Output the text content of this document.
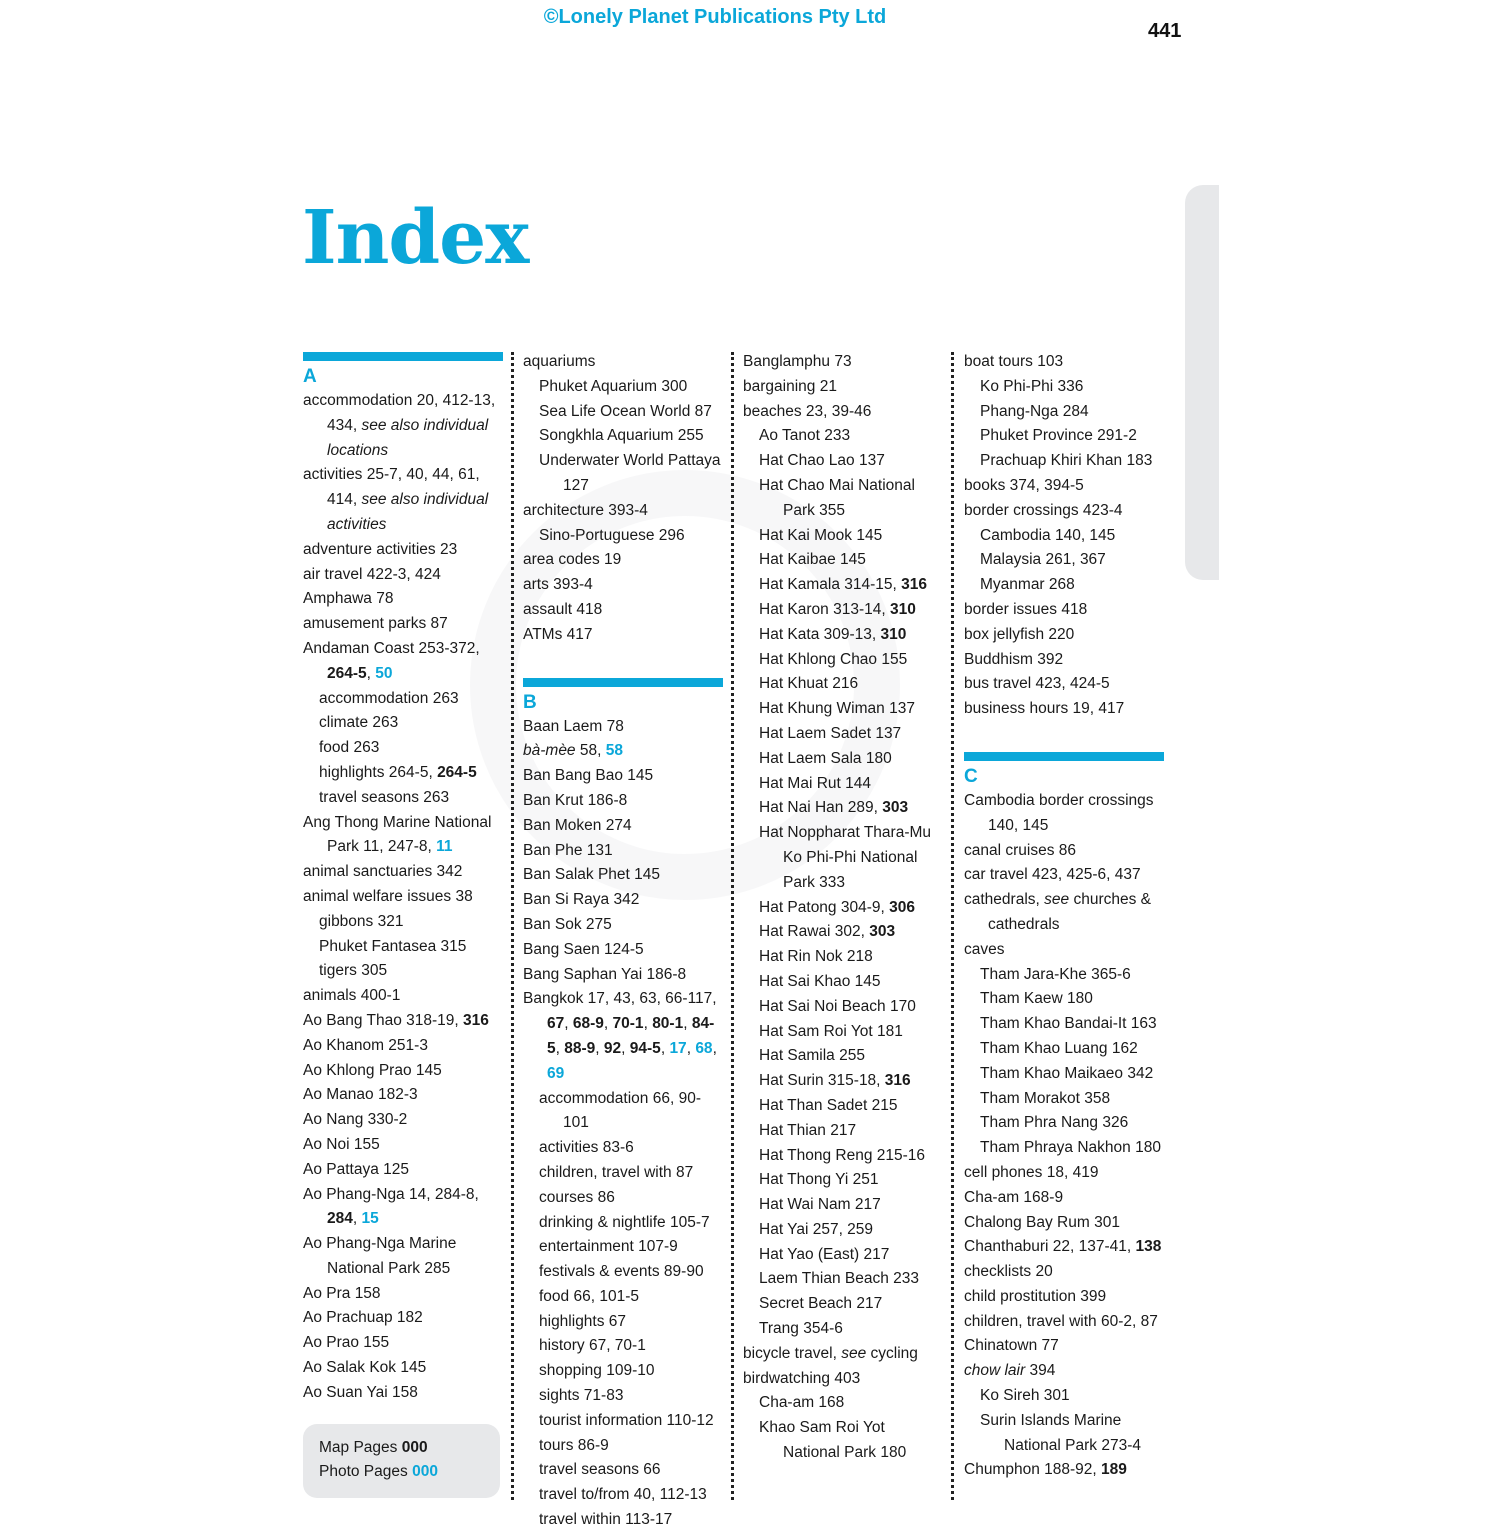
©Lonely Planet Publications Pty Ltd
441
Index
A
accommodation 20, 412-13, 434, see also individual locations
activities 25-7, 40, 44, 61, 414, see also individual activities
adventure activities 23
air travel 422-3, 424
Amphawa 78
amusement parks 87
Andaman Coast 253-372, 264-5, 50
accommodation 263
climate 263
food 263
highlights 264-5, 264-5
travel seasons 263
Ang Thong Marine National Park 11, 247-8, 11
animal sanctuaries 342
animal welfare issues 38
gibbons 321
Phuket Fantasea 315
tigers 305
animals 400-1
Ao Bang Thao 318-19, 316
Ao Khanom 251-3
Ao Khlong Prao 145
Ao Manao 182-3
Ao Nang 330-2
Ao Noi 155
Ao Pattaya 125
Ao Phang-Nga 14, 284-8, 284, 15
Ao Phang-Nga Marine National Park 285
Ao Pra 158
Ao Prachuap 182
Ao Prao 155
Ao Salak Kok 145
Ao Suan Yai 158
aquariums
Phuket Aquarium 300
Sea Life Ocean World 87
Songkhla Aquarium 255
Underwater World Pattaya 127
architecture 393-4
Sino-Portuguese 296
area codes 19
arts 393-4
assault 418
ATMs 417
B
Baan Laem 78
bà-mèe 58, 58
Ban Bang Bao 145
Ban Krut 186-8
Ban Moken 274
Ban Phe 131
Ban Salak Phet 145
Ban Si Raya 342
Ban Sok 275
Bang Saen 124-5
Bang Saphan Yai 186-8
Bangkok 17, 43, 63, 66-117, 67, 68-9, 70-1, 80-1, 84-5, 88-9, 92, 94-5, 17, 68, 69
accommodation 66, 90-101
activities 83-6
children, travel with 87
courses 86
drinking & nightlife 105-7
entertainment 107-9
festivals & events 89-90
food 66, 101-5
highlights 67
history 67, 70-1
shopping 109-10
sights 71-83
tourist information 110-12
tours 86-9
travel seasons 66
travel to/from 40, 112-13
travel within 113-17
Banglamphu 73
bargaining 21
beaches 23, 39-46
Ao Tanot 233
Hat Chao Lao 137
Hat Chao Mai National Park 355
Hat Kai Mook 145
Hat Kaibae 145
Hat Kamala 314-15, 316
Hat Karon 313-14, 310
Hat Kata 309-13, 310
Hat Khlong Chao 155
Hat Khuat 216
Hat Khung Wiman 137
Hat Laem Sadet 137
Hat Laem Sala 180
Hat Mai Rut 144
Hat Nai Han 289, 303
Hat Noppharat Thara-Mu Ko Phi-Phi National Park 333
Hat Patong 304-9, 306
Hat Rawai 302, 303
Hat Rin Nok 218
Hat Sai Khao 145
Hat Sai Noi Beach 170
Hat Sam Roi Yot 181
Hat Samila 255
Hat Surin 315-18, 316
Hat Than Sadet 215
Hat Thian 217
Hat Thong Reng 215-16
Hat Thong Yi 251
Hat Wai Nam 217
Hat Yai 257, 259
Hat Yao (East) 217
Laem Thian Beach 233
Secret Beach 217
Trang 354-6
bicycle travel, see cycling
birdwatching 403
Cha-am 168
Khao Sam Roi Yot National Park 180
boat tours 103
Ko Phi-Phi 336
Phang-Nga 284
Phuket Province 291-2
Prachuap Khiri Khan 183
books 374, 394-5
border crossings 423-4
Cambodia 140, 145
Malaysia 261, 367
Myanmar 268
border issues 418
box jellyfish 220
Buddhism 392
bus travel 423, 424-5
business hours 19, 417
C
Cambodia border crossings 140, 145
canal cruises 86
car travel 423, 425-6, 437
cathedrals, see churches & cathedrals
caves
Tham Jara-Khe 365-6
Tham Kaew 180
Tham Khao Bandai-It 163
Tham Khao Luang 162
Tham Khao Maikaeo 342
Tham Morakot 358
Tham Phra Nang 326
Tham Phraya Nakhon 180
cell phones 18, 419
Cha-am 168-9
Chalong Bay Rum 301
Chanthaburi 22, 137-41, 138
checklists 20
child prostitution 399
children, travel with 60-2, 87
Chinatown 77
chow lair 394
Ko Sireh 301
Surin Islands Marine National Park 273-4
Chumphon 188-92, 189
Map Pages 000
Photo Pages 000
